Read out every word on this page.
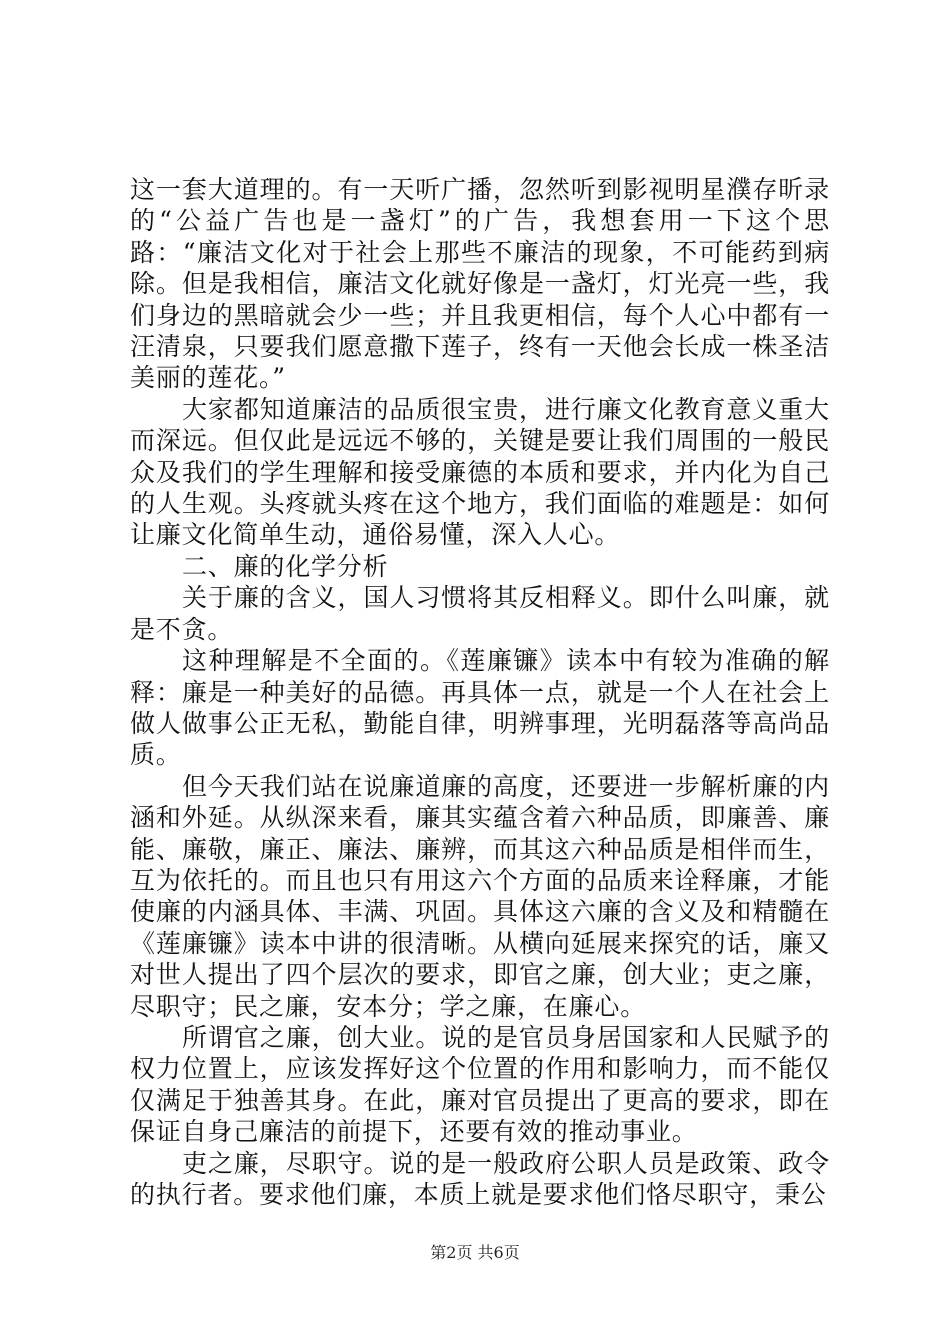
这一套大道理的。有一天听广播，忽然听到影视明星濮存昕录的“公益广告也是一盏灯”的广告，我想套用一下这个思路：“廉洁文化对于社会上那些不廉洁的现象，不可能药到病除。但是我相信，廉洁文化就好像是一盏灯，灯光亮一些，我们身边的黑暗就会少一些；并且我更相信，每个人心中都有一汪清泉，只要我们愿意撒下莲子，终有一天他会长成一株圣洁美丽的莲花。”

大家都知道廉洁的品质很宝贵，进行廉文化教育意义重大而深远。但仅此是远远不够的，关键是要让我们周围的一般民众及我们的学生理解和接受廉德的本质和要求，并内化为自己的人生观。头疼就头疼在这个地方，我们面临的难题是：如何让廉文化简单生动，通俗易懂，深入人心。

二、廉的化学分析

关于廉的含义，国人习惯将其反相释义。即什么叫廉，就是不贪。

这种理解是不全面的。《莲廉镰》读本中有较为准确的解释：廉是一种美好的品德。再具体一点，就是一个人在社会上做人做事公正无私，勤能自律，明辨事理，光明磊落等高尚品质。

但今天我们站在说廉道廉的高度，还要进一步解析廉的内涵和外延。从纵深来看，廉其实蕴含着六种品质，即廉善、廉能、廉敬，廉正、廉法、廉辨，而其这六种品质是相伴而生，互为依托的。而且也只有用这六个方面的品质来诠释廉，才能使廉的内涵具体、丰满、巩固。具体这六廉的含义及和精髓在《莲廉镰》读本中讲的很清晰。从横向延展来探究的话，廉又对世人提出了四个层次的要求，即官之廉，创大业；吏之廉，尽职守；民之廉，安本分；学之廉，在廉心。

所谓官之廉，创大业。说的是官员身居国家和人民赋予的权力位置上，应该发挥好这个位置的作用和影响力，而不能仅仅满足于独善其身。在此，廉对官员提出了更高的要求，即在保证自身己廉洁的前提下，还要有效的推动事业。

吏之廉，尽职守。说的是一般政府公职人员是政策、政令的执行者。要求他们廉，本质上就是要求他们恪尽职守，秉公

第2页 共6页
